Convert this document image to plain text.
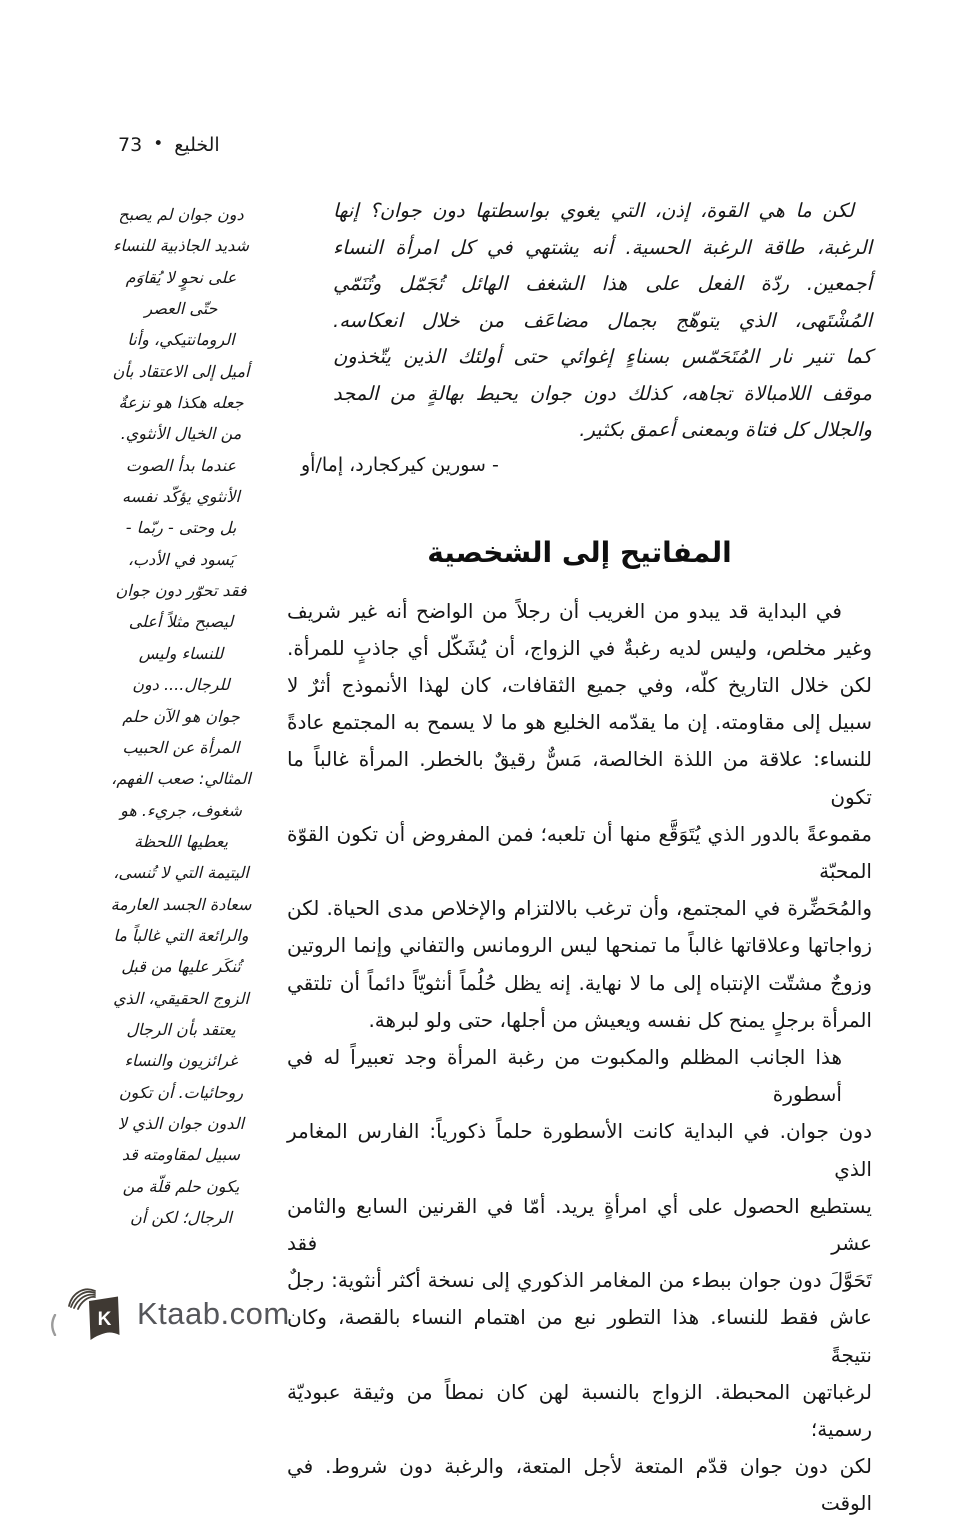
73 • الخليع
دون جوان لم يصبح
شديد الجاذبية للنساء
على نحوٍ لا يُقاوَم
حتّى العصر
الرومانتيكي، وأنا
أميل إلى الاعتقاد بأن
جعله هكذا هو نزعةٌ
من الخيال الأنثوي.
عندما بدأ الصوت
الأنثوي يؤكّد نفسه
بل وحتى - ربّما -
يَسود في الأدب،
فقد تحوّر دون جوان
ليصبح مثلاً أعلى
للنساء وليس
للرجال.... دون
جوان هو الآن حلم
المرأة عن الحبيب
المثالي: صعب الفهم،
شغوف، جريء. هو
يعطيها اللحظة
اليتيمة التي لا تُنسى،
سعادة الجسد العارمة
والرائعة التي غالباً ما
تُنكَر عليها من قبل
الزوج الحقيقي، الذي
يعتقد بأن الرجال
غرائزيون والنساء
روحائيات. أن تكون
الدون جوان الذي لا
سبيل لمقاومته قد
يكون حلم قلّة من
الرجال؛ لكن أن
لكن ما هي القوة، إذن، التي يغوي بواسطتها دون جوان؟ إنها
الرغبة، طاقة الرغبة الحسية. أنه يشتهي في كل امرأة النساء
أجمعين. ردّة الفعل على هذا الشغف الهائل تُجَمّل وتُنَمّي
المُشْتَهى، الذي يتوهّج بجمال مضاعَف من خلال انعكاسه.
كما تنير نار المُتَحَمّس بسناءٍ إغوائي حتى أولئك الذين يتّخذون
موقف اللامبالاة تجاهه، كذلك دون جوان يحيط بهالةٍ من المجد
والجلال كل فتاة وبمعنى أعمق بكثير.
- سورين كيركجارد، إما/أو
المفاتيح إلى الشخصية
في البداية قد يبدو من الغريب أن رجلاً من الواضح أنه غير شريف
وغير مخلص، وليس لديه رغبةٌ في الزواج، أن يُشَكّل أي جاذبٍ للمرأة.
لكن خلال التاريخ كلّه، وفي جميع الثقافات، كان لهذا الأنموذج أثرٌ لا
سبيل إلى مقاومته. إن ما يقدّمه الخليع هو ما لا يسمح به المجتمع عادةً
للنساء: علاقة من اللذة الخالصة، مَسٌّ رقيقٌ بالخطر. المرأة غالباً ما تكون
مقموعةً بالدور الذي يُتَوَقَّع منها أن تلعبه؛ فمن المفروض أن تكون القوّة المحبّة
والمُحَضِّرة في المجتمع، وأن ترغب بالالتزام والإخلاص مدى الحياة. لكن
زواجاتها وعلاقاتها غالباً ما تمنحها ليس الرومانس والتفاني وإنما الروتين
وزوجٌ مشتّت الإنتباه إلى ما لا نهاية. إنه يظل حُلُماً أنثويّاً دائماً أن تلتقي
المرأة برجلٍ يمنح كل نفسه ويعيش من أجلها، حتى ولو لبرهة.
هذا الجانب المظلم والمكبوت من رغبة المرأة وجد تعبيراً له في أسطورة
دون جوان. في البداية كانت الأسطورة حلماً ذكورياً: الفارس المغامر الذي
يستطيع الحصول على أي امرأةٍ يريد. أمّا في القرنين السابع والثامن عشر فقد
تَحَوَّلَ دون جوان ببطء من المغامر الذكوري إلى نسخة أكثر أنثوية: رجلٌ
عاش فقط للنساء. هذا التطور نبع من اهتمام النساء بالقصة، وكان نتيجةً
لرغباتهن المحبطة. الزواج بالنسبة لهن كان نمطاً من وثيقة عبوديّة رسمية؛
لكن دون جوان قدّم المتعة لأجل المتعة، والرغبة دون شروط. في الوقت
K Ktaab.com
